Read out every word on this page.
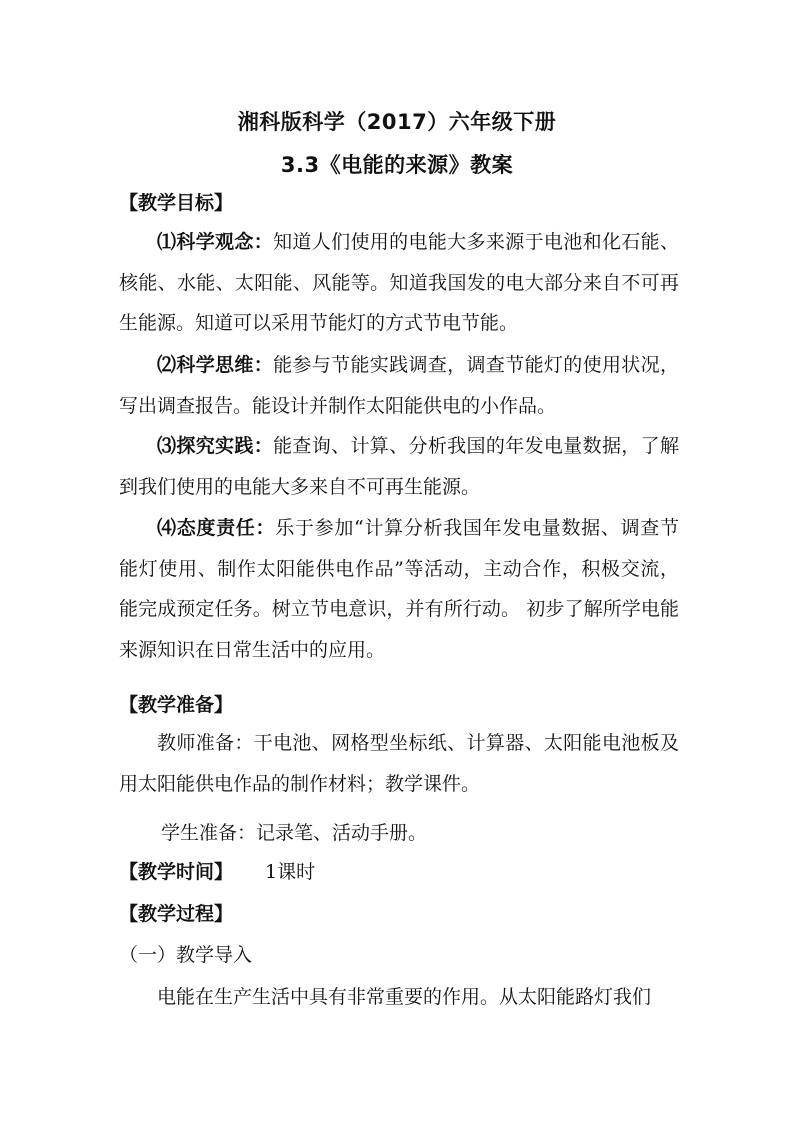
湘科版科学（2017）六年级下册
3.3《电能的来源》教案
【教学目标】

⑴科学观念：知道人们使用的电能大多来源于电池和化石能、核能、水能、太阳能、风能等。知道我国发的电大部分来自不可再生能源。知道可以采用节能灯的方式节电节能。

⑵科学思维：能参与节能实践调查，调查节能灯的使用状况，写出调查报告。能设计并制作太阳能供电的小作品。

⑶探究实践：能查询、计算、分析我国的年发电量数据，了解到我们使用的电能大多来自不可再生能源。

⑷态度责任：乐于参加“计算分析我国年发电量数据、调查节能灯使用、制作太阳能供电作品”等活动，主动合作，积极交流，能完成预定任务。树立节电意识，并有所行动。 初步了解所学电能来源知识在日常生活中的应用。

【教学准备】

教师准备：干电池、网格型坐标纸、计算器、太阳能电池板及用太阳能供电作品的制作材料；教学课件。

学生准备：记录笔、活动手册。
【教学时间】 1课时
【教学过程】
（一）教学导入
电能在生产生活中具有非常重要的作用。从太阳能路灯我们
